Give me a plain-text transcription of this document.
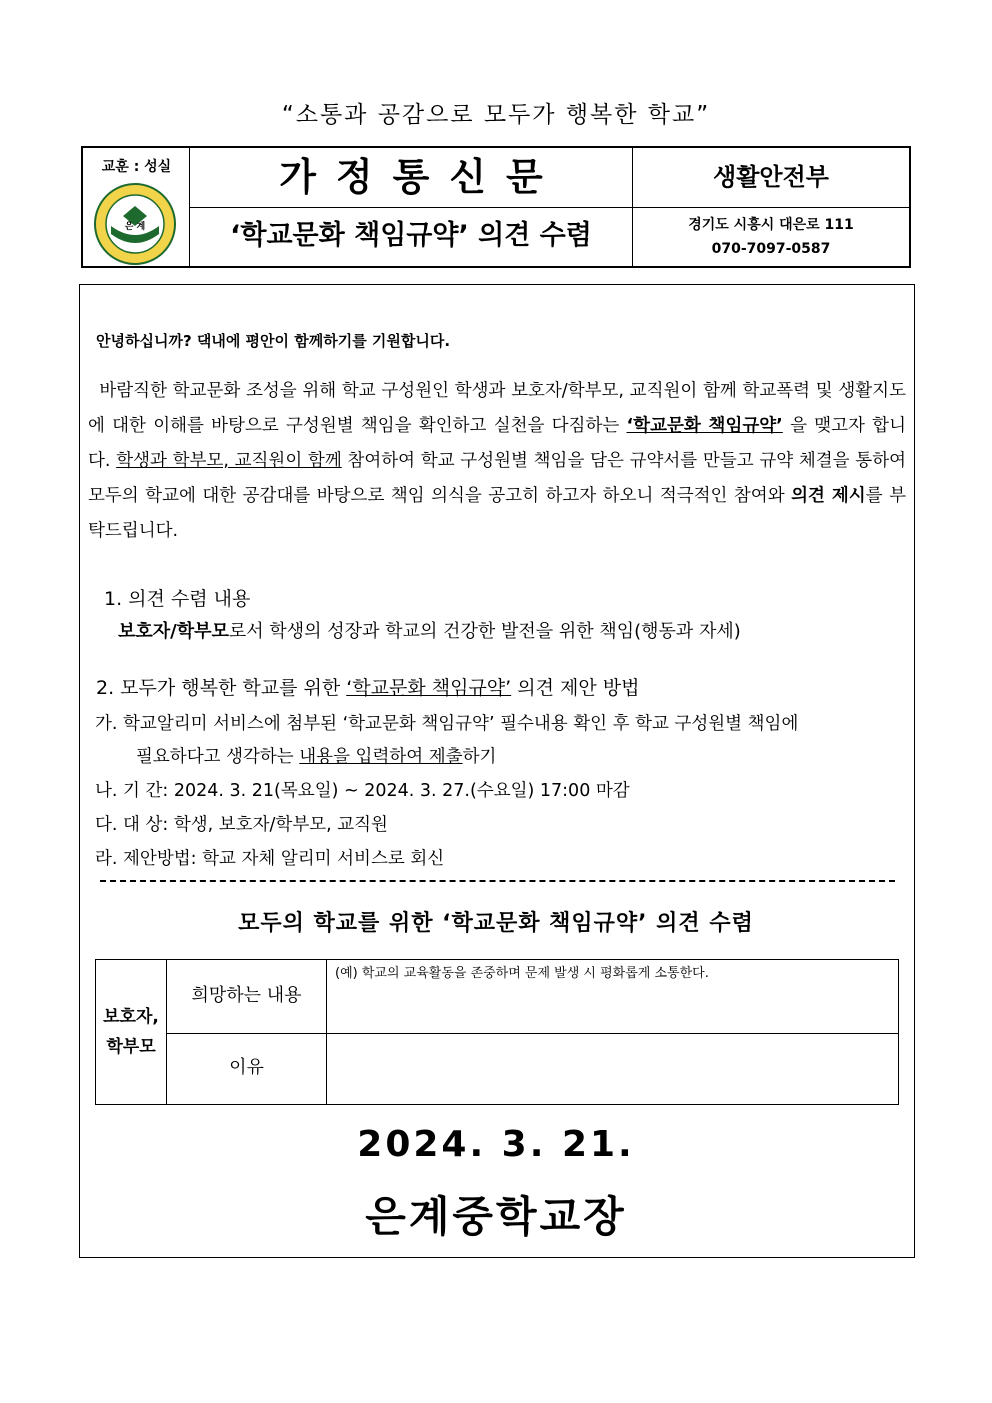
“소통과 공감으로 모두가 행복한 학교”
교훈 : 성실
은 계
가정통신문
‘학교문화 책임규약’ 의견 수렴
생활안전부
경기도 시흥시 대은로 111
070-7097-0587
안녕하십니까? 댁내에 평안이 함께하기를 기원합니다.
바람직한 학교문화 조성을 위해 학교 구성원인 학생과 보호자/학부모, 교직원이 함께 학교폭력 및 생활지도에 대한 이해를 바탕으로 구성원별 책임을 확인하고 실천을 다짐하는 ‘학교문화 책임규약’ 을 맺고자 합니다. 학생과 학부모, 교직원이 함께 참여하여 학교 구성원별 책임을 담은 규약서를 만들고 규약 체결을 통하여 모두의 학교에 대한 공감대를 바탕으로 책임 의식을 공고히 하고자 하오니 적극적인 참여와 의견 제시를 부탁드립니다.
1. 의견 수렴 내용
보호자/학부모로서 학생의 성장과 학교의 건강한 발전을 위한 책임(행동과 자세)
2. 모두가 행복한 학교를 위한 ‘학교문화 책임규약’ 의견 제안 방법
가. 학교알리미 서비스에 첨부된 ‘학교문화 책임규약’ 필수내용 확인 후 학교 구성원별 책임에
필요하다고 생각하는 내용을 입력하여 제출하기
나. 기 간: 2024. 3. 21(목요일) ~ 2024. 3. 27.(수요일) 17:00 마감
다. 대 상: 학생, 보호자/학부모, 교직원
라. 제안방법: 학교 자체 알리미 서비스로 회신
모두의 학교를 위한 ‘학교문화 책임규약’ 의견 수렴
보호자,
학부모
희망하는 내용
(예) 학교의 교육활동을 존중하며 문제 발생 시 평화롭게 소통한다.
이유
2024. 3. 21.
은계중학교장
